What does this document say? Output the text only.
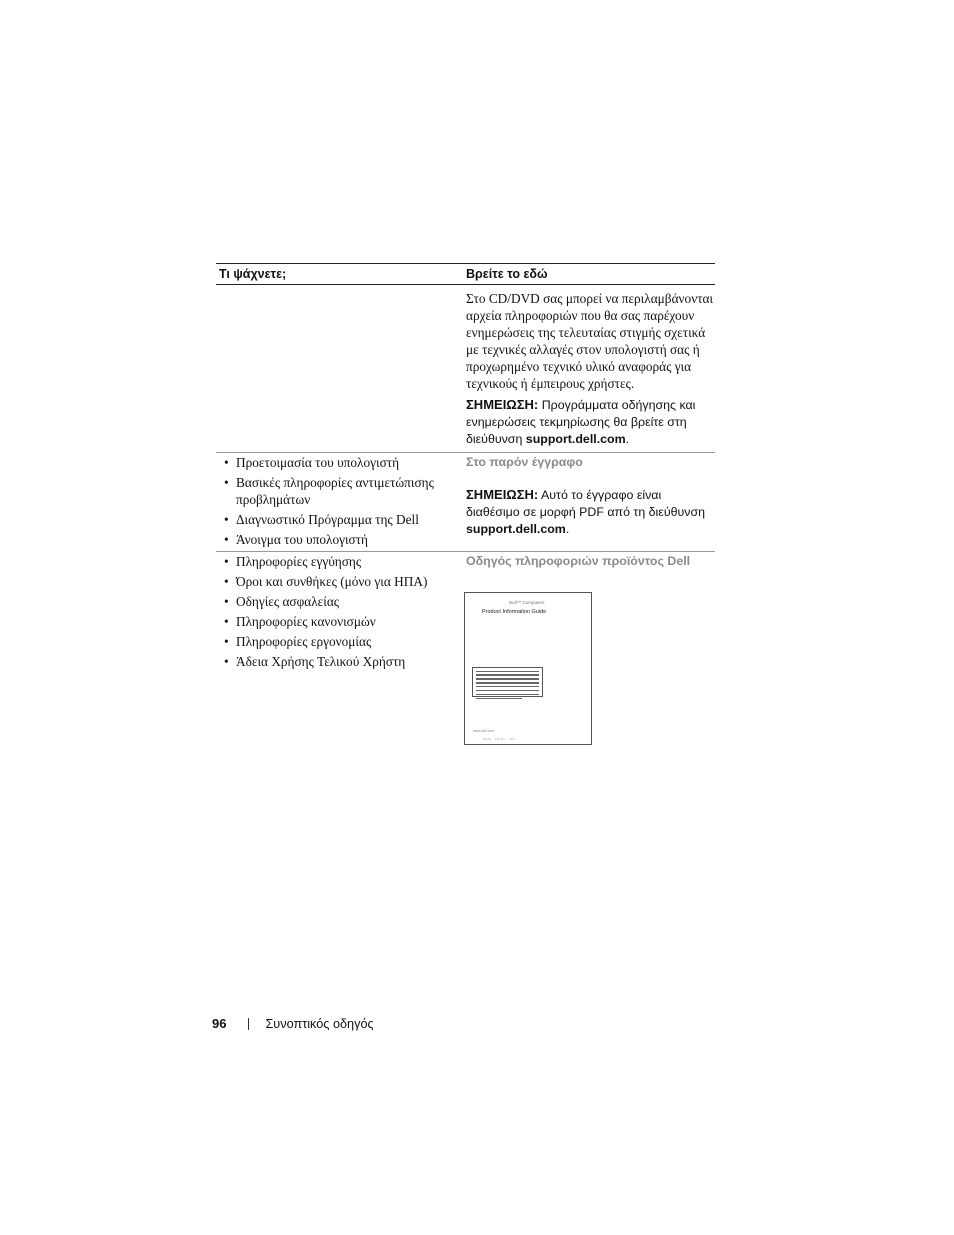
Τι ψάχνετε;	Βρείτε το εδώ

Στο CD/DVD σας μπορεί να περιλαμβάνονται αρχεία πληροφοριών που θα σας παρέχουν ενημερώσεις της τελευταίας στιγμής σχετικά με τεχνικές αλλαγές στον υπολογιστή σας ή προχωρημένο τεχνικό υλικό αναφοράς για τεχνικούς ή έμπειρους χρήστες.

ΣΗΜΕΙΩΣΗ: Προγράμματα οδήγησης και ενημερώσεις τεκμηρίωσης θα βρείτε στη διεύθυνση support.dell.com.

• Προετοιμασία του υπολογιστή
• Βασικές πληροφορίες αντιμετώπισης προβλημάτων
• Διαγνωστικό Πρόγραμμα της Dell
• Άνοιγμα του υπολογιστή

Στο παρόν έγγραφο

ΣΗΜΕΙΩΣΗ: Αυτό το έγγραφο είναι διαθέσιμο σε μορφή PDF από τη διεύθυνση support.dell.com.

• Πληροφορίες εγγύησης
• Όροι και συνθήκες (μόνο για ΗΠΑ)
• Οδηγίες ασφαλείας
• Πληροφορίες κανονισμών
• Πληροφορίες εργονομίας
• Άδεια Χρήσης Τελικού Χρήστη

Οδηγός πληροφοριών προϊόντος Dell

Dell™ Computers
Product Information Guide
www.dell.com
Model ·· Part No. ·· Rev. ··
96	Συνοπτικός οδηγός
